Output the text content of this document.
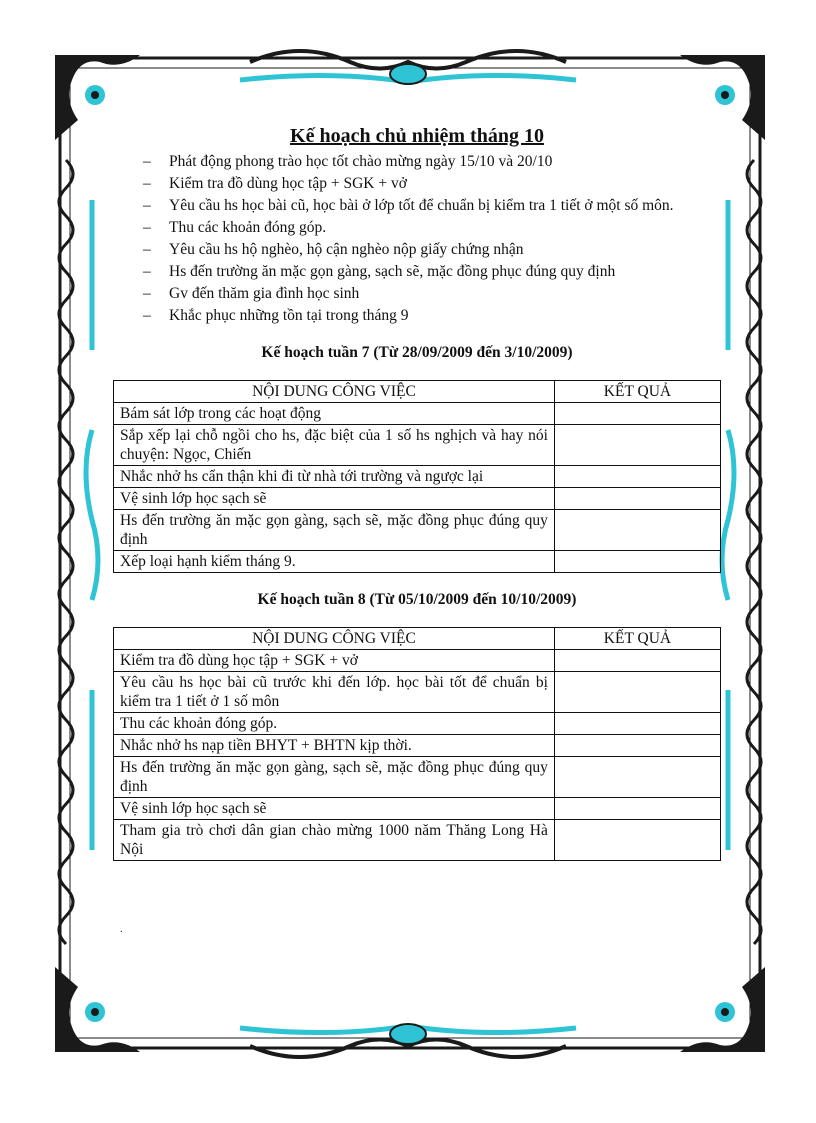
Kế hoạch chủ nhiệm tháng 10
– Phát động phong trào học tốt chào mừng ngày 15/10 và 20/10
– Kiểm tra đồ dùng học tập + SGK + vở
– Yêu cầu hs học bài cũ, học bài ở lớp tốt để chuẩn bị kiểm tra 1 tiết ở một số môn.
– Thu các khoản đóng góp.
– Yêu cầu hs hộ nghèo, hộ cận nghèo nộp giấy chứng nhận
– Hs đến trường ăn mặc gọn gàng, sạch sẽ, mặc đồng phục đúng quy định
– Gv đến thăm gia đình học sinh
– Khắc phục những tồn tại trong tháng 9
Kế hoạch tuần 7 (Từ 28/09/2009 đến 3/10/2009)
NỘI DUNG CÔNG VIỆC	KẾT QUẢ
Bám sát lớp trong các hoạt động	
Sắp xếp lại chỗ ngồi cho hs, đặc biệt của 1 số hs nghịch và hay nói chuyện: Ngọc, Chiến	
Nhắc nhở hs cẩn thận khi đi từ nhà tới trường và ngược lại	
Vệ sinh lớp học sạch sẽ	
Hs đến trường ăn mặc gọn gàng, sạch sẽ, mặc đồng phục đúng quy định	
Xếp loại hạnh kiểm tháng 9.	
Kế hoạch tuần 8 (Từ 05/10/2009 đến 10/10/2009)
NỘI DUNG CÔNG VIỆC	KẾT QUẢ
Kiểm tra đồ dùng học tập + SGK + vở	
Yêu cầu hs học bài cũ trước khi đến lớp. học bài tốt để chuẩn bị kiểm tra 1 tiết ở 1 số môn	
Thu các khoản đóng góp.	
Nhắc nhở hs nạp tiền BHYT + BHTN kịp thời.	
Hs đến trường ăn mặc gọn gàng, sạch sẽ, mặc đồng phục đúng quy định	
Vệ sinh lớp học sạch sẽ	
Tham gia trò chơi dân gian chào mừng 1000 năm Thăng Long Hà Nội	
.
